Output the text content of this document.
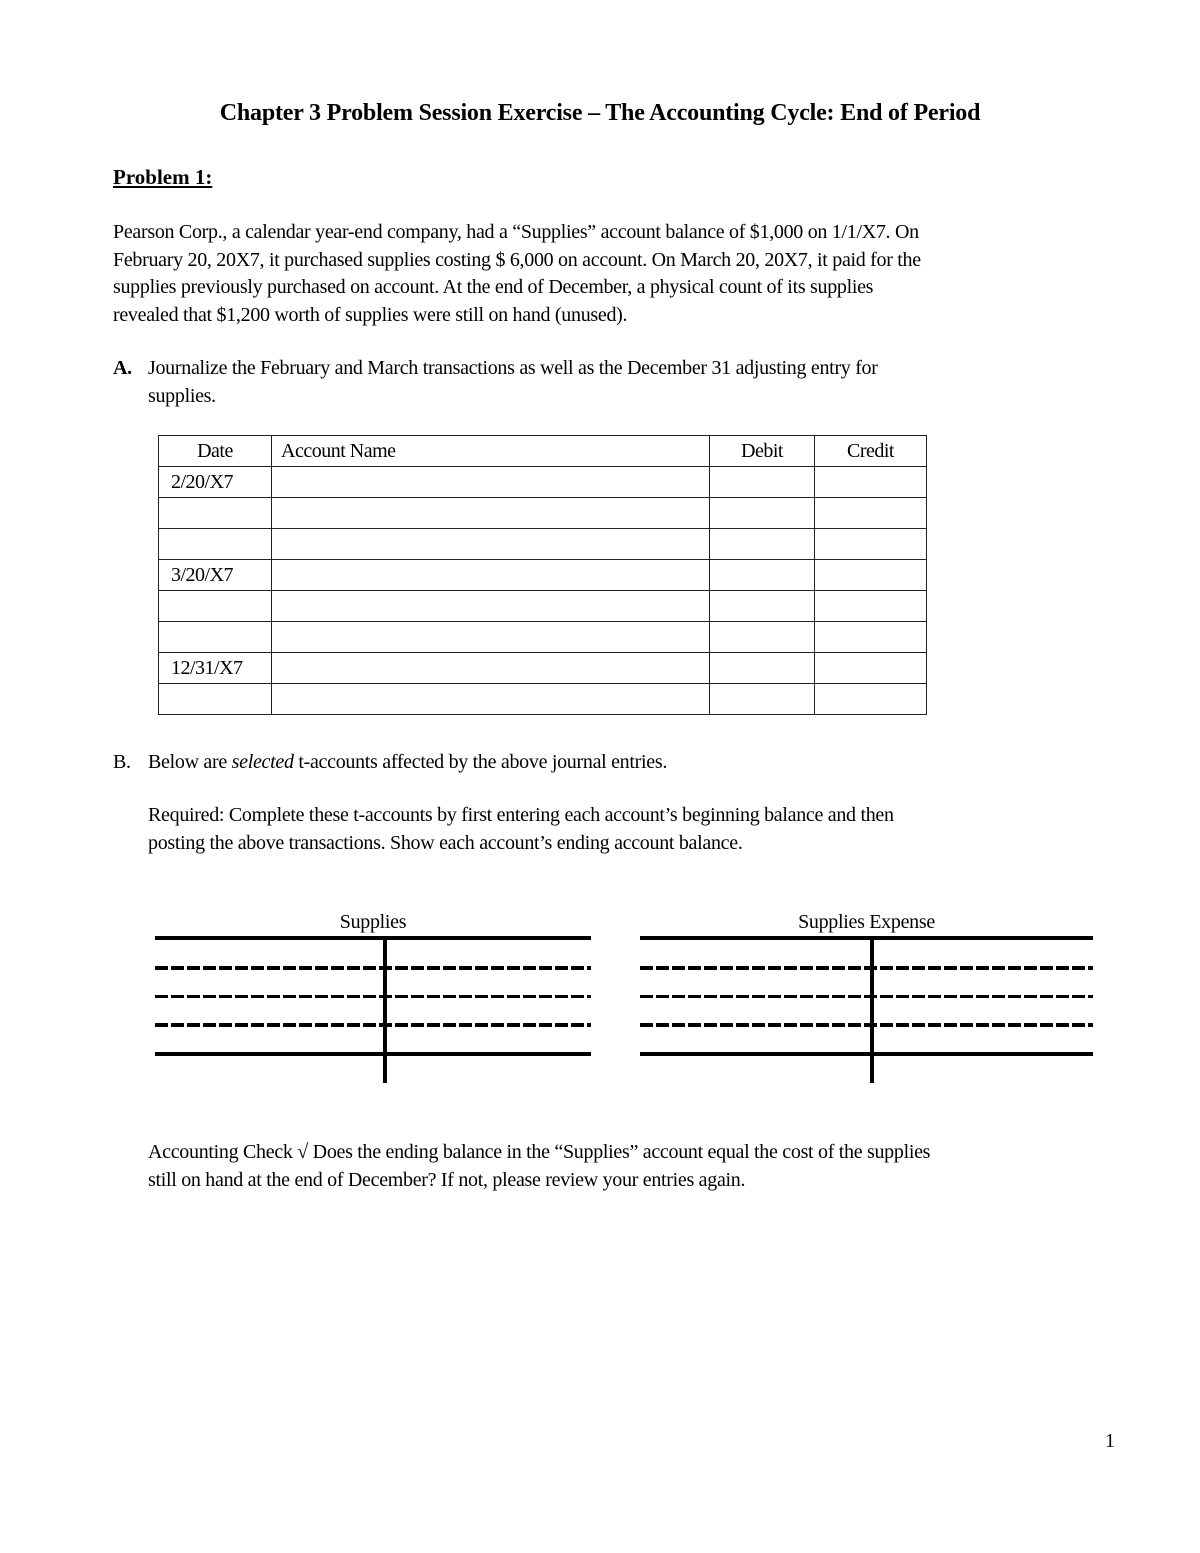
Chapter 3 Problem Session Exercise – The Accounting Cycle: End of Period
Problem 1:

Pearson Corp., a calendar year-end company, had a “Supplies” account balance of $1,000 on 1/1/X7. On

February 20, 20X7, it purchased supplies costing $ 6,000 on account. On March 20, 20X7, it paid for the

supplies previously purchased on account. At the end of December, a physical count of its supplies

revealed that $1,200 worth of supplies were still on hand (unused).

A. Journalize the February and March transactions as well as the December 31 adjusting entry for
supplies.
Date	Account Name	Debit	Credit
2/20/X7			

3/20/X7			

12/31/X7			

B. Below are selected t-accounts affected by the above journal entries.
Required: Complete these t-accounts by first entering each account’s beginning balance and then
posting the above transactions. Show each account’s ending account balance.
Supplies	Supplies Expense

Accounting Check √ Does the ending balance in the “Supplies” account equal the cost of the supplies

still on hand at the end of December? If not, please review your entries again.

1
